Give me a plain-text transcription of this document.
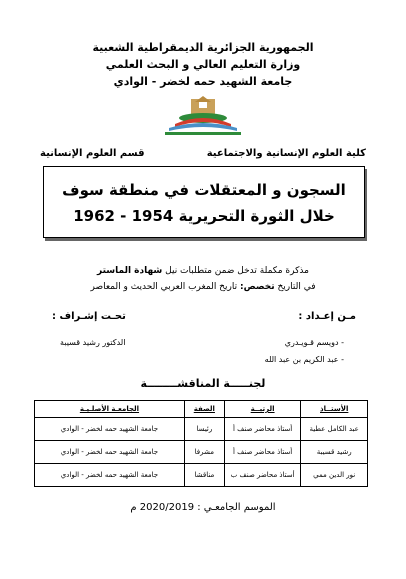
الجمهورية الجزائرية الديمقراطية الشعبية
وزارة التعليم العالي و البحث العلمي
جامعة الشهيد حمه لخضر - الوادي
كلية العلوم الإنسانية والاجتماعية
قسم العلوم الإنسانية
السجون و المعتقلات في منطقة سوف
خلال الثورة التحريرية 1954 - 1962
مذكرة مكملة تدخل ضمن متطلبات نيل شهادة الماستر
في التاريخ تخصص: تاريخ المغرب العربي الحديث و المعاصر
مـن إعـداد :
تحـت إشـراف :
- دويسم قـويـدري
الدكتور رشيد قسيبة
- عبد الكريم بن عبد الله
لجنـــــة المناقشــــــــة
الأستــاذ	الرتبــة	الصفة	الجامعـة الأصلـيـة
عبد الكامل عطية	أستاذ محاضر صنف أ	رئيسا	جامعة الشهيد حمه لخضر - الوادي
رشيد قسيبة	أستاذ محاضر صنف أ	مشرفا	جامعة الشهيد حمه لخضر - الوادي
نور الدين ممي	أستاذ محاضر صنف ب	مناقشا	جامعة الشهيد حمه لخضر - الوادي
الموسم الجامعـي : 2020/2019 م
